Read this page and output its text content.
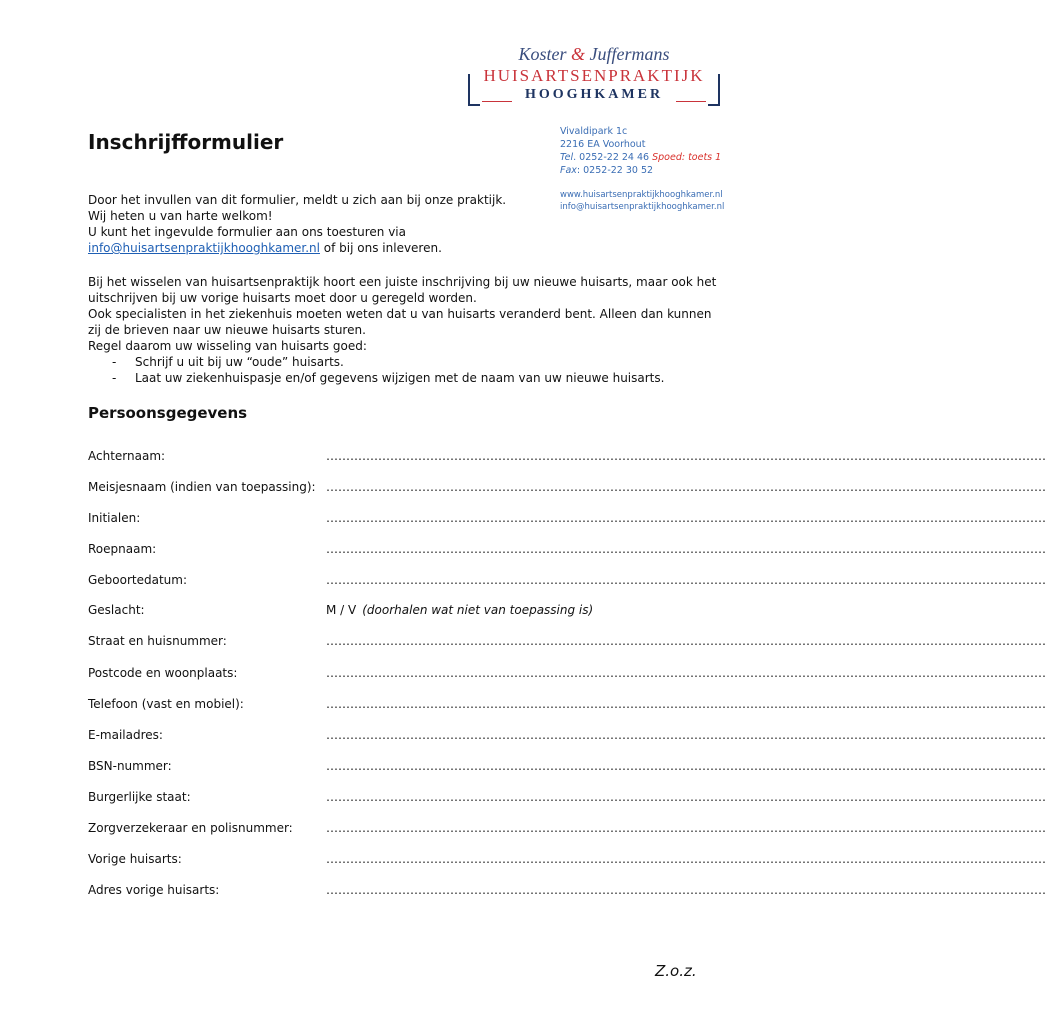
Koster & Juffermans
HUISARTSENPRAKTIJK
HOOGHKAMER
Vivaldipark 1c
2216 EA Voorhout
Tel. 0252-22 24 46 Spoed: toets 1
Fax: 0252-22 30 52
www.huisartsenpraktijkhooghkamer.nl
info@huisartsenpraktijkhooghkamer.nl
Inschrijfformulier
Door het invullen van dit formulier, meldt u zich aan bij onze praktijk.
Wij heten u van harte welkom!
U kunt het ingevulde formulier aan ons toesturen via
info@huisartsenpraktijkhooghkamer.nl of bij ons inleveren.
Bij het wisselen van huisartsenpraktijk hoort een juiste inschrijving bij uw nieuwe huisarts, maar ook het
uitschrijven bij uw vorige huisarts moet door u geregeld worden.
Ook specialisten in het ziekenhuis moeten weten dat u van huisarts veranderd bent. Alleen dan kunnen
zij de brieven naar uw nieuwe huisarts sturen.
Regel daarom uw wisseling van huisarts goed:
- Schrijf u uit bij uw “oude” huisarts.
- Laat uw ziekenhuispasje en/of gegevens wijzigen met de naam van uw nieuwe huisarts.
Persoonsgegevens
Achternaam:	………………………………………………………………………………………………………………………………………………………………
Meisjesnaam (indien van toepassing): ………………………………………………………………………………………………………………………………………………………………
Initialen:	………………………………………………………………………………………………………………………………………………………………
Roepnaam:	………………………………………………………………………………………………………………………………………………………………
Geboortedatum:	………………………………………………………………………………………………………………………………………………………………
Geslacht:	M / V (doorhalen wat niet van toepassing is)
Straat en huisnummer:	………………………………………………………………………………………………………………………………………………………………
Postcode en woonplaats:	………………………………………………………………………………………………………………………………………………………………
Telefoon (vast en mobiel):	………………………………………………………………………………………………………………………………………………………………
E-mailadres:	………………………………………………………………………………………………………………………………………………………………
BSN-nummer:	………………………………………………………………………………………………………………………………………………………………
Burgerlijke staat:	………………………………………………………………………………………………………………………………………………………………
Zorgverzekeraar en polisnummer:	………………………………………………………………………………………………………………………………………………………………
Vorige huisarts:	………………………………………………………………………………………………………………………………………………………………
Adres vorige huisarts:	………………………………………………………………………………………………………………………………………………………………
Z.o.z.
